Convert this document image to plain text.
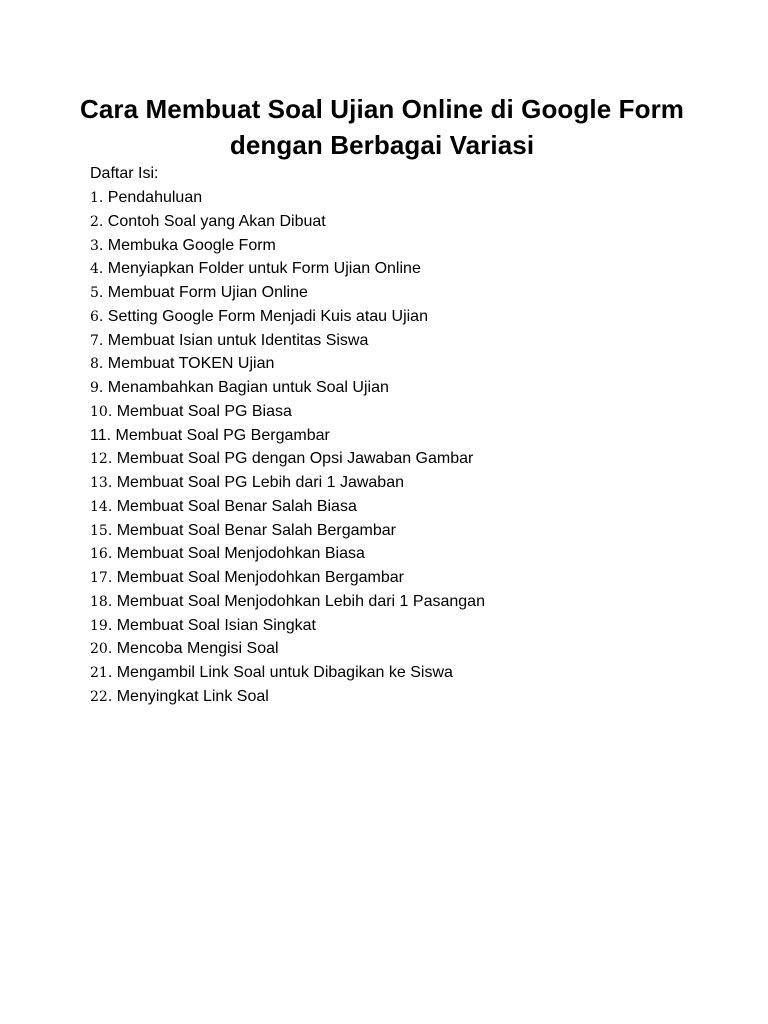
Cara Membuat Soal Ujian Online di Google Form dengan Berbagai Variasi
Daftar Isi:
1. Pendahuluan
2. Contoh Soal yang Akan Dibuat
3. Membuka Google Form
4. Menyiapkan Folder untuk Form Ujian Online
5. Membuat Form Ujian Online
6. Setting Google Form Menjadi Kuis atau Ujian
7. Membuat Isian untuk Identitas Siswa
8. Membuat TOKEN Ujian
9. Menambahkan Bagian untuk Soal Ujian
10. Membuat Soal PG Biasa
11. Membuat Soal PG Bergambar
12. Membuat Soal PG dengan Opsi Jawaban Gambar
13. Membuat Soal PG Lebih dari 1 Jawaban
14. Membuat Soal Benar Salah Biasa
15. Membuat Soal Benar Salah Bergambar
16. Membuat Soal Menjodohkan Biasa
17. Membuat Soal Menjodohkan Bergambar
18. Membuat Soal Menjodohkan Lebih dari 1 Pasangan
19. Membuat Soal Isian Singkat
20. Mencoba Mengisi Soal
21. Mengambil Link Soal untuk Dibagikan ke Siswa
22. Menyingkat Link Soal
